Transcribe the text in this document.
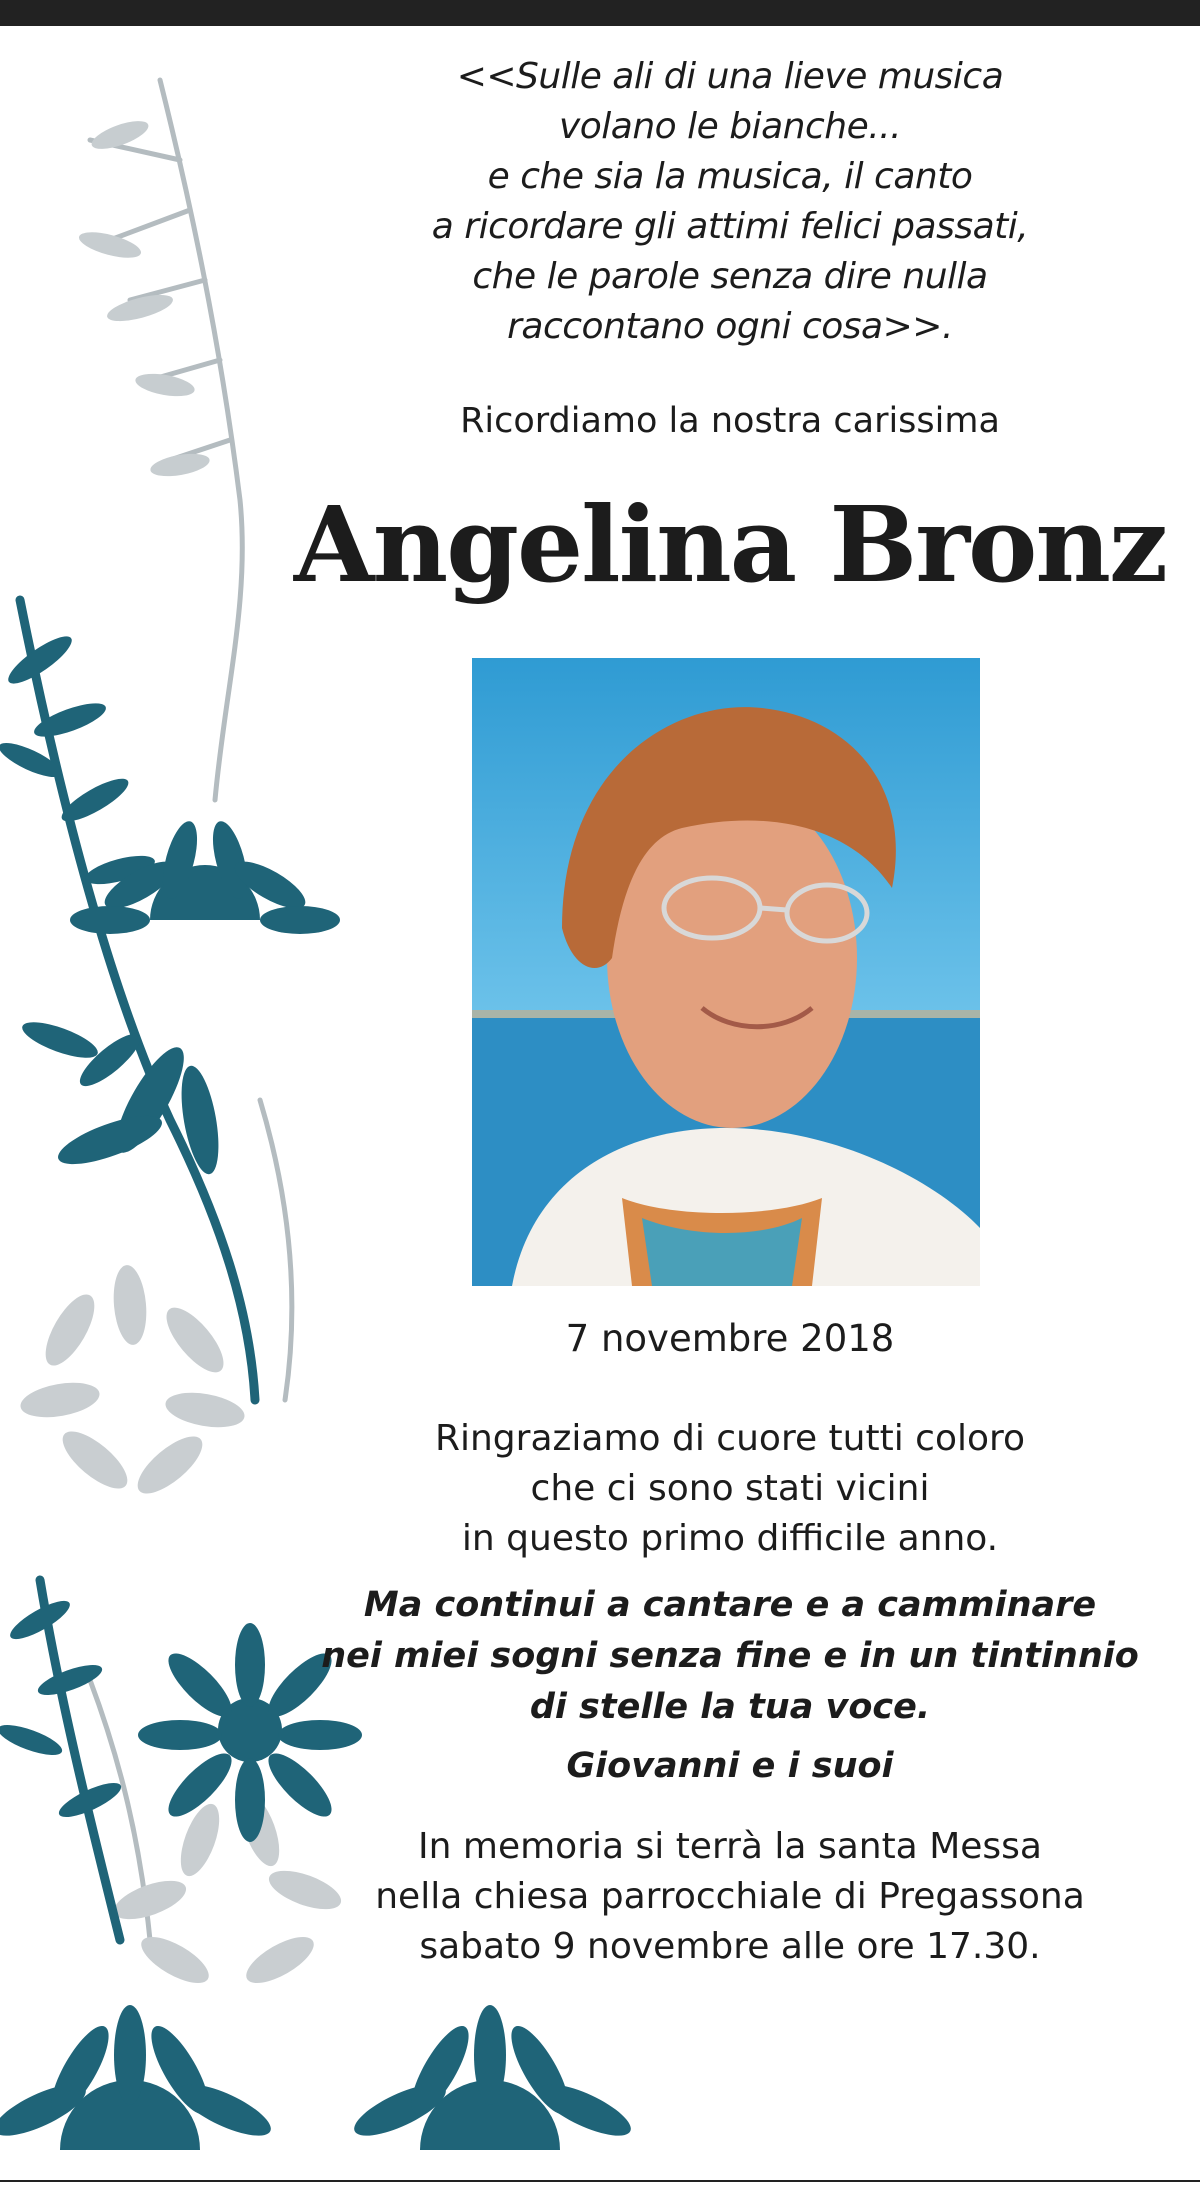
<<Sulle ali di una lieve musica
volano le bianche...
e che sia la musica, il canto
a ricordare gli attimi felici passati,
che le parole senza dire nulla
raccontano ogni cosa>>.

Ricordiamo la nostra carissima

Angelina Bronz

7 novembre 2018

Ringraziamo di cuore tutti coloro
che ci sono stati vicini
in questo primo difficile anno.

Ma continui a cantare e a camminare
nei miei sogni senza fine e in un tintinnio
di stelle la tua voce.

Giovanni e i suoi

In memoria si terrà la santa Messa
nella chiesa parrocchiale di Pregassona
sabato 9 novembre alle ore 17.30.
